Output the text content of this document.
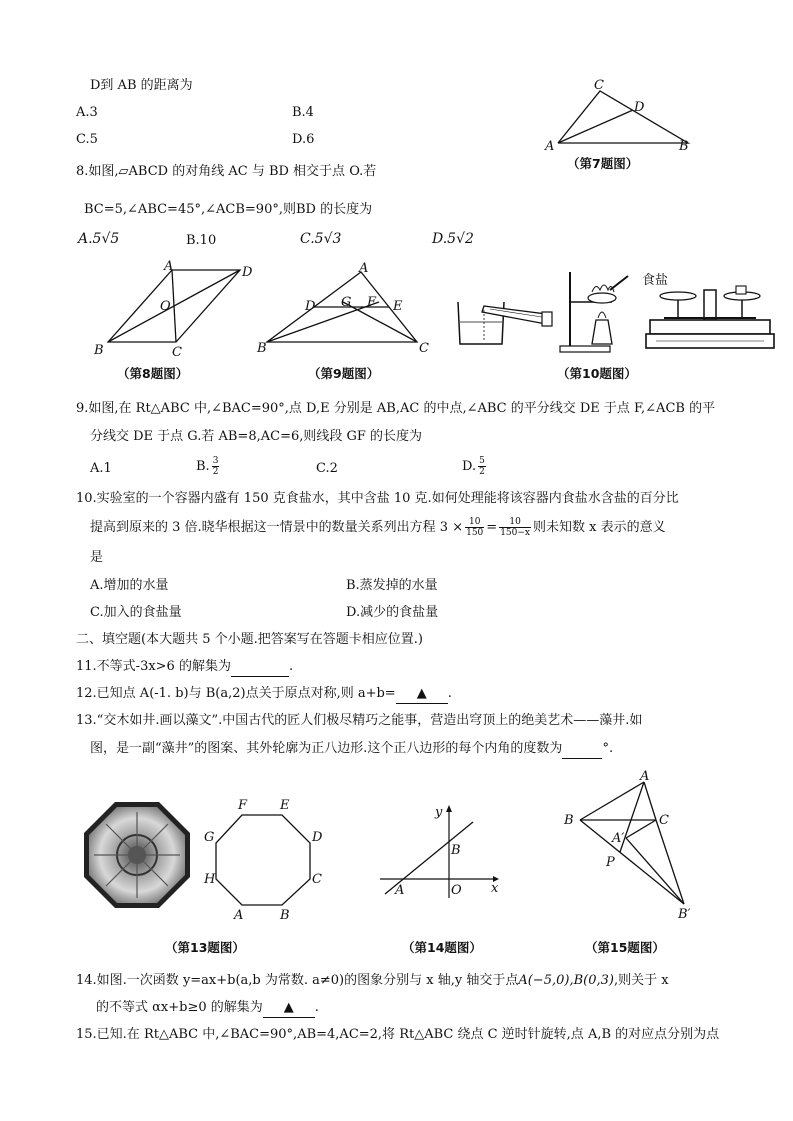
D到 AB 的距离为
A.3	B.4
C.5	D.6
C
D
A	B
（第7题图）
8.如图,▱ABCD 的对角线 AC 与 BD 相交于点 O.若
BC=5,∠ABC=45°,∠ACB=90°,则BD 的长度为
A.5√5	B.10	C.5√3	D.5√2
A	D
O
B	C
（第8题图）
A
D G F E
B	C
（第9题图）
食盐
（第10题图）
9.如图,在 Rt△ABC 中,∠BAC=90°,点 D,E 分别是 AB,AC 的中点,∠ABC 的平分线交 DE 于点 F,∠ACB 的平
分线交 DE 于点 G.若 AB=8,AC=6,则线段 GF 的长度为
A.1	B. $\frac{3}{2}$	C.2	D. $\frac{5}{2}$
10.实验室的一个容器内盛有 150 克食盐水，其中含盐 10 克.如何处理能将该容器内食盐水含盐的百分比
提高到原来的 3 倍.晓华根据这一情景中的数量关系列出方程 $3 \times \frac{10}{150} = \frac{10}{150-x}$ 则未知数 x 表示的意义
是
A.增加的水量	B.蒸发掉的水量
C.加入的食盐量	D.减少的食盐量
二、填空题(本大题共 5 个小题.把答案写在答题卡相应位置.)
11.不等式-3x>6 的解集为	.
12.已知点 A(-1. b)与 B(a,2)点关于原点对称,则 a+b= ▲ .
13.“交木如井.画以藻文”.中国古代的匠人们极尽精巧之能事，营造出穹顶上的绝美艺术——藻井.如
图，是一副“藻井”的图案、其外轮廓为正八边形.这个正八边形的每个内角的度数为	°.
F	E
D
C
B
A
H
G
（第13题图）
y
x
A
B
O
（第14题图）
A
B	C
A′
P
B′
（第15题图）
14.如图.一次函数 y=ax+b(a,b 为常数. a≠0)的图象分别与 x 轴,y 轴交于点A(−5,0),B(0,3),则关于 x
的不等式 αx+b≥0 的解集为 ▲ .
15.已知.在 Rt△ABC 中,∠BAC=90°,AB=4,AC=2,将 Rt△ABC 绕点 C 逆时针旋转,点 A,B 的对应点分别为点
